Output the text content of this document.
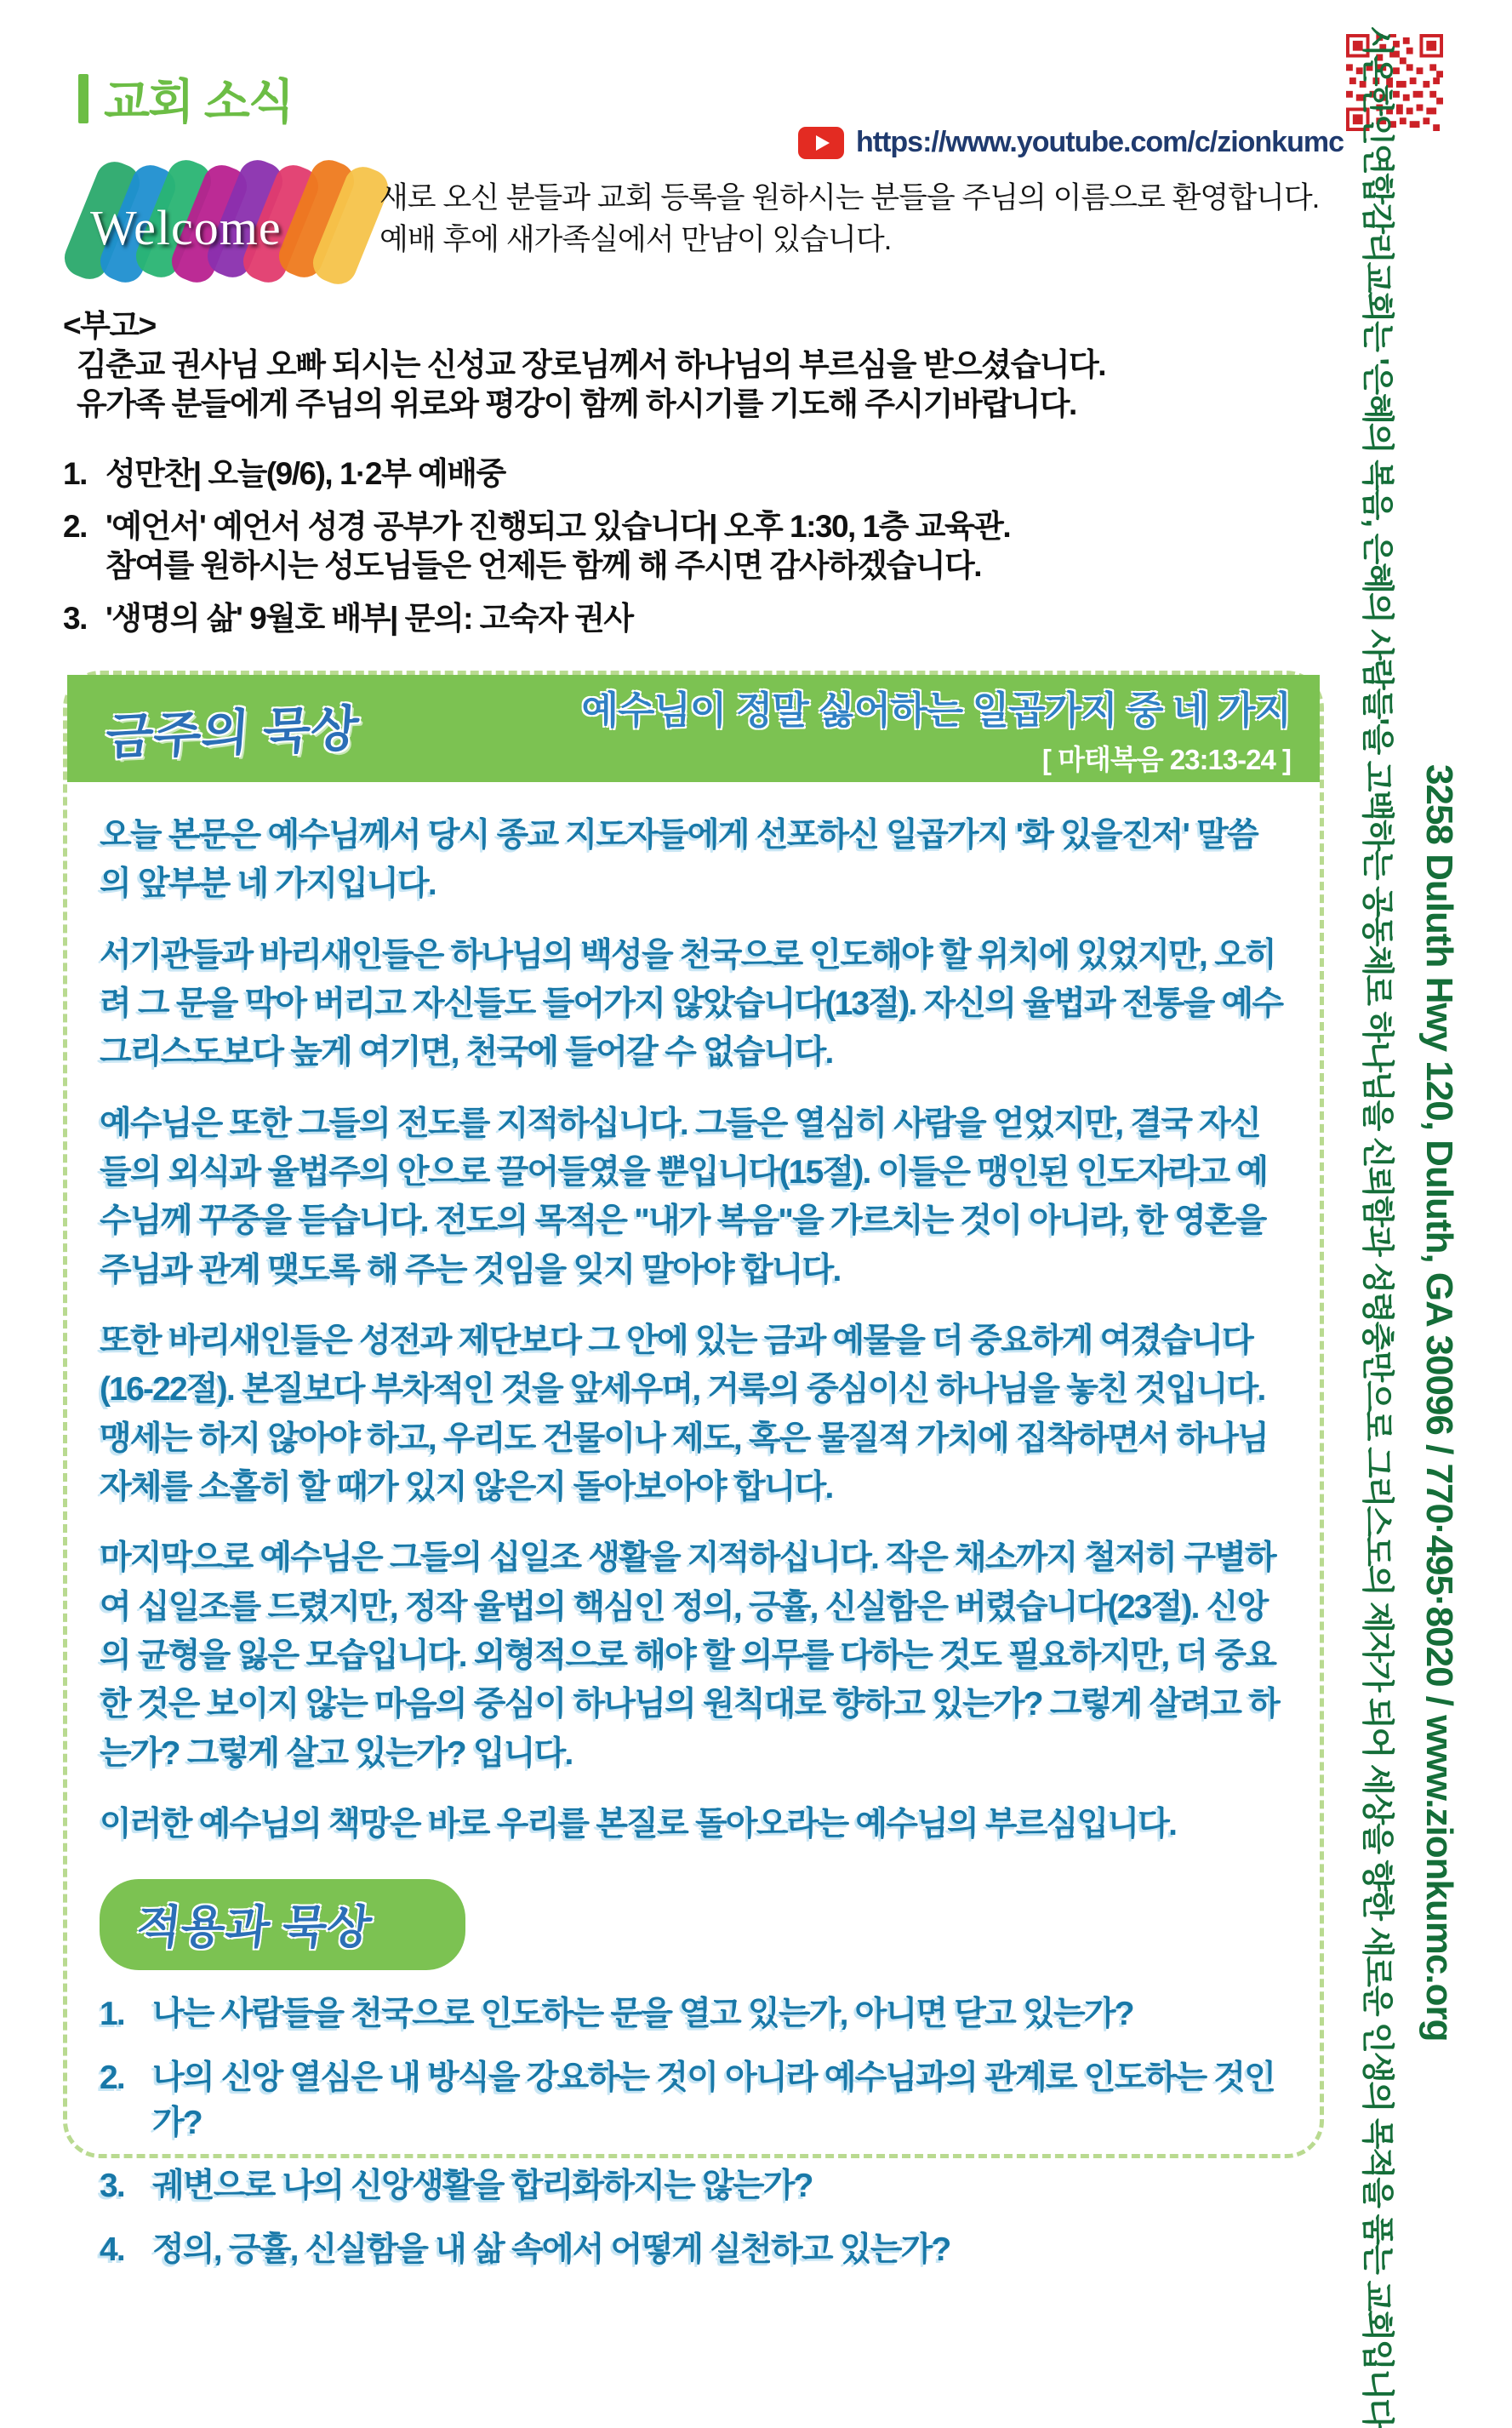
교회 소식
https://www.youtube.com/c/zionkumc
Welcome
새로 오신 분들과 교회 등록을 원하시는 분들을 주님의 이름으로 환영합니다.
예배 후에 새가족실에서 만남이 있습니다.
<부고>
김춘교 권사님 오빠 되시는 신성교 장로님께서 하나님의 부르심을 받으셨습니다.
유가족 분들에게 주님의 위로와 평강이 함께 하시기를 기도해 주시기바랍니다.
1. 성만찬| 오늘(9/6), 1·2부 예배중
2. '예언서' 예언서 성경 공부가 진행되고 있습니다| 오후 1:30, 1층 교육관.
참여를 원하시는 성도님들은 언제든 함께 해 주시면 감사하겠습니다.
3. '생명의 삶' 9월호 배부| 문의: 고숙자 권사
금주의 묵상	예수님이 정말 싫어하는 일곱가지 중 네 가지
[ 마태복음 23:13-24 ]

오늘 본문은 예수님께서 당시 종교 지도자들에게 선포하신 일곱가지 '화 있을진저' 말씀의 앞부분 네 가지입니다.

서기관들과 바리새인들은 하나님의 백성을 천국으로 인도해야 할 위치에 있었지만, 오히려 그 문을 막아 버리고 자신들도 들어가지 않았습니다(13절). 자신의 율법과 전통을 예수 그리스도보다 높게 여기면, 천국에 들어갈 수 없습니다.

예수님은 또한 그들의 전도를 지적하십니다. 그들은 열심히 사람을 얻었지만, 결국 자신들의 외식과 율법주의 안으로 끌어들였을 뿐입니다(15절). 이들은 맹인된 인도자라고 예수님께 꾸중을 듣습니다. 전도의 목적은 "내가 복음"을 가르치는 것이 아니라, 한 영혼을 주님과 관계 맺도록 해 주는 것임을 잊지 말아야 합니다.

또한 바리새인들은 성전과 제단보다 그 안에 있는 금과 예물을 더 중요하게 여겼습니다 (16-22절). 본질보다 부차적인 것을 앞세우며, 거룩의 중심이신 하나님을 놓친 것입니다. 맹세는 하지 않아야 하고, 우리도 건물이나 제도, 혹은 물질적 가치에 집착하면서 하나님 자체를 소홀히 할 때가 있지 않은지 돌아보아야 합니다.

마지막으로 예수님은 그들의 십일조 생활을 지적하십니다. 작은 채소까지 철저히 구별하여 십일조를 드렸지만, 정작 율법의 핵심인 정의, 긍휼, 신실함은 버렸습니다(23절). 신앙의 균형을 잃은 모습입니다. 외형적으로 해야 할 의무를 다하는 것도 필요하지만, 더 중요한 것은 보이지 않는 마음의 중심이 하나님의 원칙대로 향하고 있는가? 그렇게 살려고 하는가? 그렇게 살고 있는가? 입니다.

이러한 예수님의 책망은 바로 우리를 본질로 돌아오라는 예수님의 부르심입니다.

적용과 묵상
1. 나는 사람들을 천국으로 인도하는 문을 열고 있는가, 아니면 닫고 있는가?
2. 나의 신앙 열심은 내 방식을 강요하는 것이 아니라 예수님과의 관계로 인도하는 것인가?
3. 궤변으로 나의 신앙생활을 합리화하지는 않는가?
4. 정의, 긍휼, 신실함을 내 삶 속에서 어떻게 실천하고 있는가?	시온한인연합감리교회는 '은혜의 복음, 은혜의 사람들'을 고백하는 공동체로 하나님을 신뢰함과 성령충만으로 그리스도의 제자가 되어 세상을 향한 새로운 인생의 목적을 품는 교회입니다 3258 Duluth Hwy 120, Duluth, GA 30096 / 770·495·8020 / www.zionkumc.org
